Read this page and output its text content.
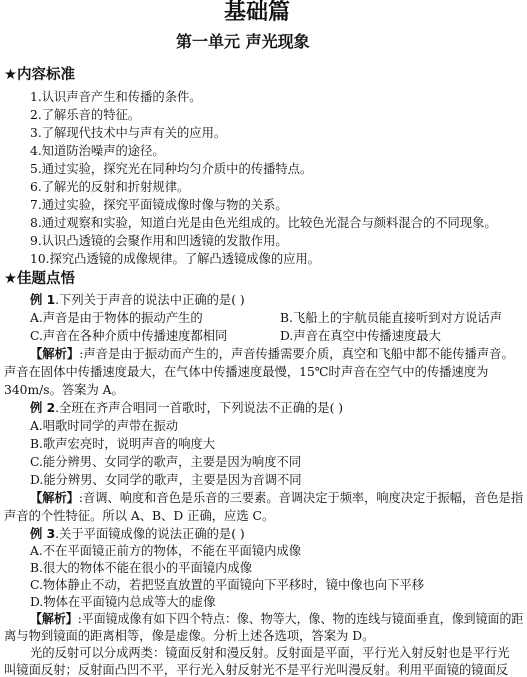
基础篇
第一单元 声光现象
★内容标准
1.认识声音产生和传播的条件。
2.了解乐音的特征。
3.了解现代技术中与声有关的应用。
4.知道防治噪声的途径。
5.通过实验，探究光在同种均匀介质中的传播特点。
6.了解光的反射和折射规律。
7.通过实验，探究平面镜成像时像与物的关系。
8.通过观察和实验，知道白光是由色光组成的。比较色光混合与颜料混合的不同现象。
9.认识凸透镜的会聚作用和凹透镜的发散作用。
10.探究凸透镜的成像规律。了解凸透镜成像的应用。
★佳题点悟
例 1.下列关于声音的说法中正确的是( )
A.声音是由于物体的振动产生的	B.飞船上的宇航员能直接听到对方说话声
C.声音在各种介质中传播速度都相同	D.声音在真空中传播速度最大
【解析】:声音是由于振动而产生的，声音传播需要介质，真空和飞船中都不能传播声音。
声音在固体中传播速度最大，在气体中传播速度最慢，15℃时声音在空气中的传播速度为
340m/s。答案为 A。
例 2.全班在齐声合唱同一首歌时，下列说法不正确的是( )
A.唱歌时同学的声带在振动
B.歌声宏亮时，说明声音的响度大
C.能分辨男、女同学的歌声，主要是因为响度不同
D.能分辨男、女同学的歌声，主要是因为音调不同
【解析】:音调、响度和音色是乐音的三要素。音调决定于频率，响度决定于振幅，音色是指
声音的个性特征。所以 A、B、D 正确，应选 C。
例 3.关于平面镜成像的说法正确的是( )
A.不在平面镜正前方的物体，不能在平面镜内成像
B.很大的物体不能在很小的平面镜内成像
C.物体静止不动，若把竖直放置的平面镜向下平移时，镜中像也向下平移
D.物体在平面镜内总成等大的虚像
【解析】:平面镜成像有如下四个特点：像、物等大，像、物的连线与镜面垂直，像到镜面的距
离与物到镜面的距离相等，像是虚像。分析上述各选项，答案为 D。
光的反射可以分成两类：镜面反射和漫反射。反射面是平面，平行光入射反射也是平行光
叫镜面反射；反射面凸凹不平，平行光入射反射光不是平行光叫漫反射。利用平面镜的镜面反
